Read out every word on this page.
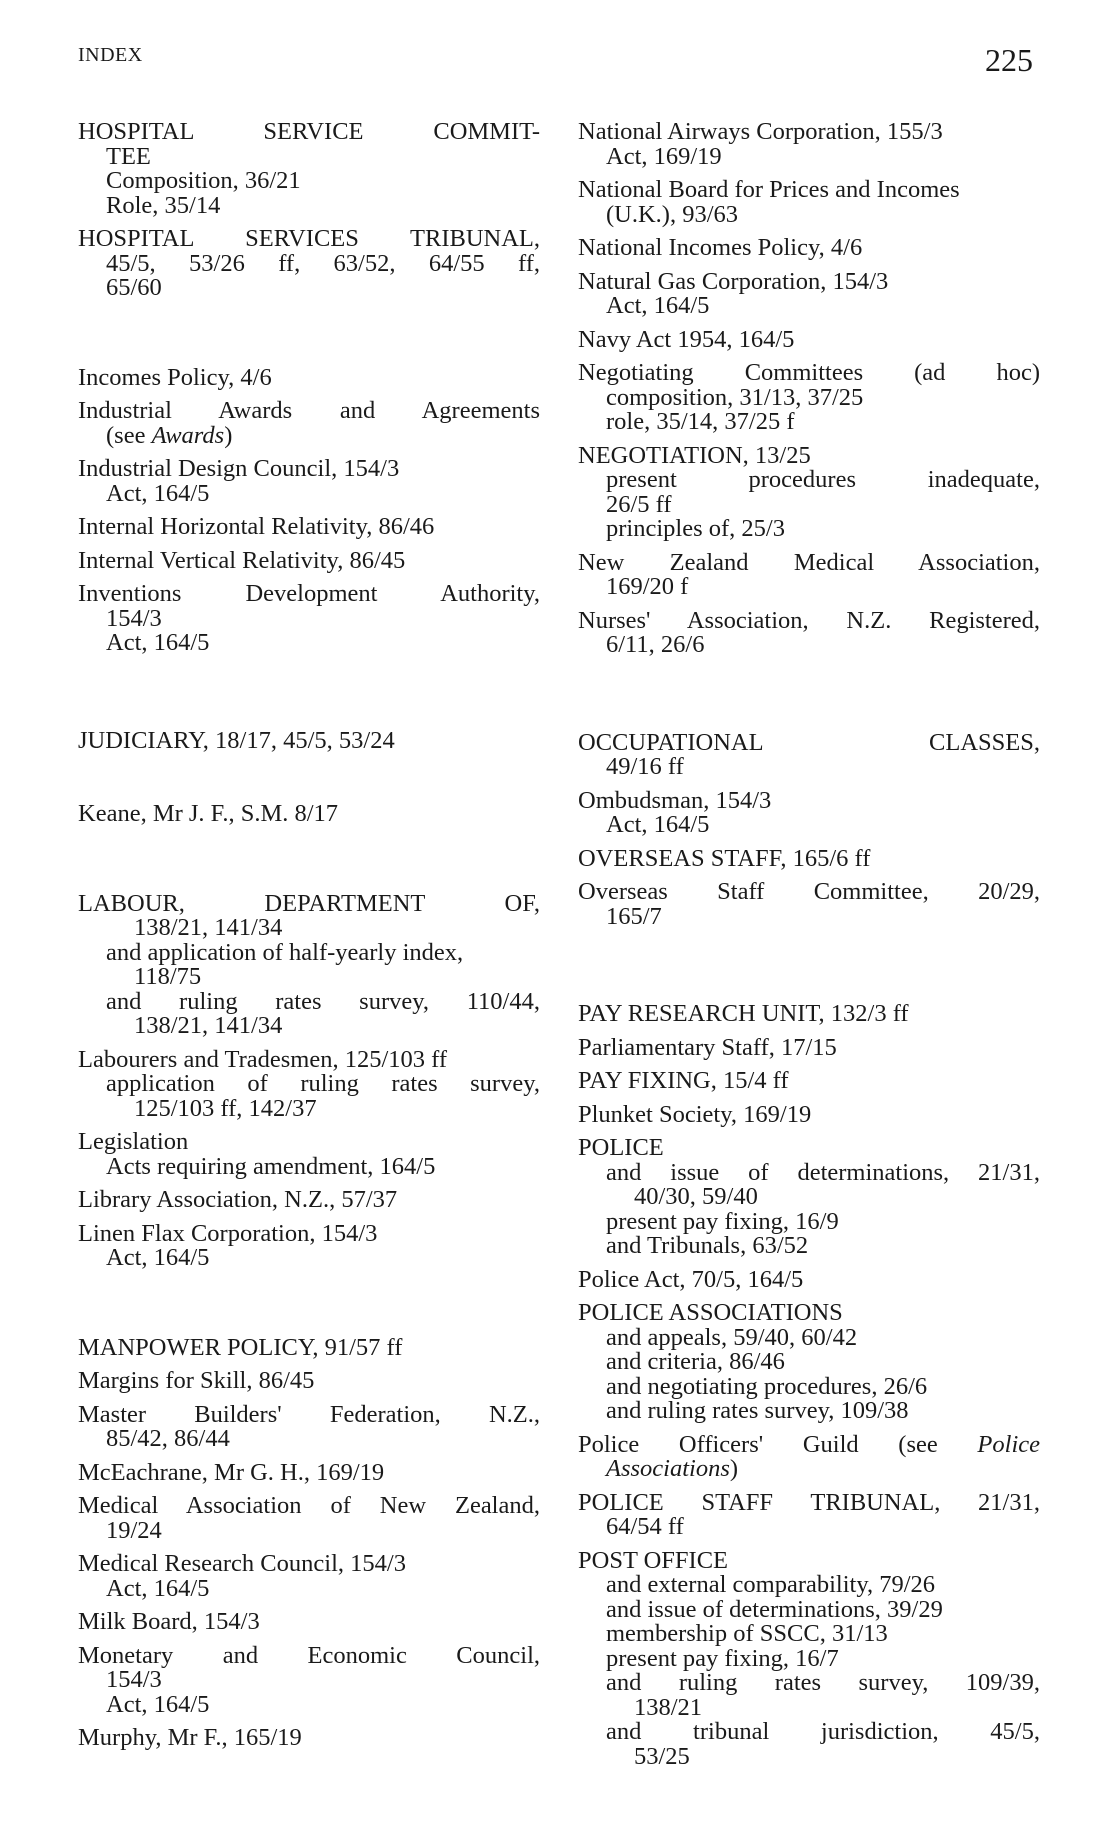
INDEX	225
HOSPITAL SERVICE COMMIT-
TEE
Composition, 36/21
Role, 35/14
HOSPITAL SERVICES TRIBUNAL,
45/5, 53/26 ff, 63/52, 64/55 ff,
65/60
Incomes Policy, 4/6
Industrial Awards and Agreements
(see Awards)
Industrial Design Council, 154/3
Act, 164/5
Internal Horizontal Relativity, 86/46
Internal Vertical Relativity, 86/45
Inventions Development Authority,
154/3
Act, 164/5
JUDICIARY, 18/17, 45/5, 53/24
Keane, Mr J. F., S.M. 8/17
LABOUR, DEPARTMENT OF,
138/21, 141/34
and application of half-yearly index,
118/75
and ruling rates survey, 110/44,
138/21, 141/34
Labourers and Tradesmen, 125/103 ff
application of ruling rates survey,
125/103 ff, 142/37
Legislation
Acts requiring amendment, 164/5
Library Association, N.Z., 57/37
Linen Flax Corporation, 154/3
Act, 164/5
MANPOWER POLICY, 91/57 ff
Margins for Skill, 86/45
Master Builders' Federation, N.Z.,
85/42, 86/44
McEachrane, Mr G. H., 169/19
Medical Association of New Zealand,
19/24
Medical Research Council, 154/3
Act, 164/5
Milk Board, 154/3
Monetary and Economic Council,
154/3
Act, 164/5
Murphy, Mr F., 165/19
National Airways Corporation, 155/3
Act, 169/19
National Board for Prices and Incomes
(U.K.), 93/63
National Incomes Policy, 4/6
Natural Gas Corporation, 154/3
Act, 164/5
Navy Act 1954, 164/5
Negotiating Committees (ad hoc)
composition, 31/13, 37/25
role, 35/14, 37/25 f
NEGOTIATION, 13/25
present procedures inadequate,
26/5 ff
principles of, 25/3
New Zealand Medical Association,
169/20 f
Nurses' Association, N.Z. Registered,
6/11, 26/6
OCCUPATIONAL CLASSES,
49/16 ff
Ombudsman, 154/3
Act, 164/5
OVERSEAS STAFF, 165/6 ff
Overseas Staff Committee, 20/29,
165/7
PAY RESEARCH UNIT, 132/3 ff
Parliamentary Staff, 17/15
PAY FIXING, 15/4 ff
Plunket Society, 169/19
POLICE
and issue of determinations, 21/31,
40/30, 59/40
present pay fixing, 16/9
and Tribunals, 63/52
Police Act, 70/5, 164/5
POLICE ASSOCIATIONS
and appeals, 59/40, 60/42
and criteria, 86/46
and negotiating procedures, 26/6
and ruling rates survey, 109/38
Police Officers' Guild (see Police
Associations)
POLICE STAFF TRIBUNAL, 21/31,
64/54 ff
POST OFFICE
and external comparability, 79/26
and issue of determinations, 39/29
membership of SSCC, 31/13
present pay fixing, 16/7
and ruling rates survey, 109/39,
138/21
and tribunal jurisdiction, 45/5,
53/25
